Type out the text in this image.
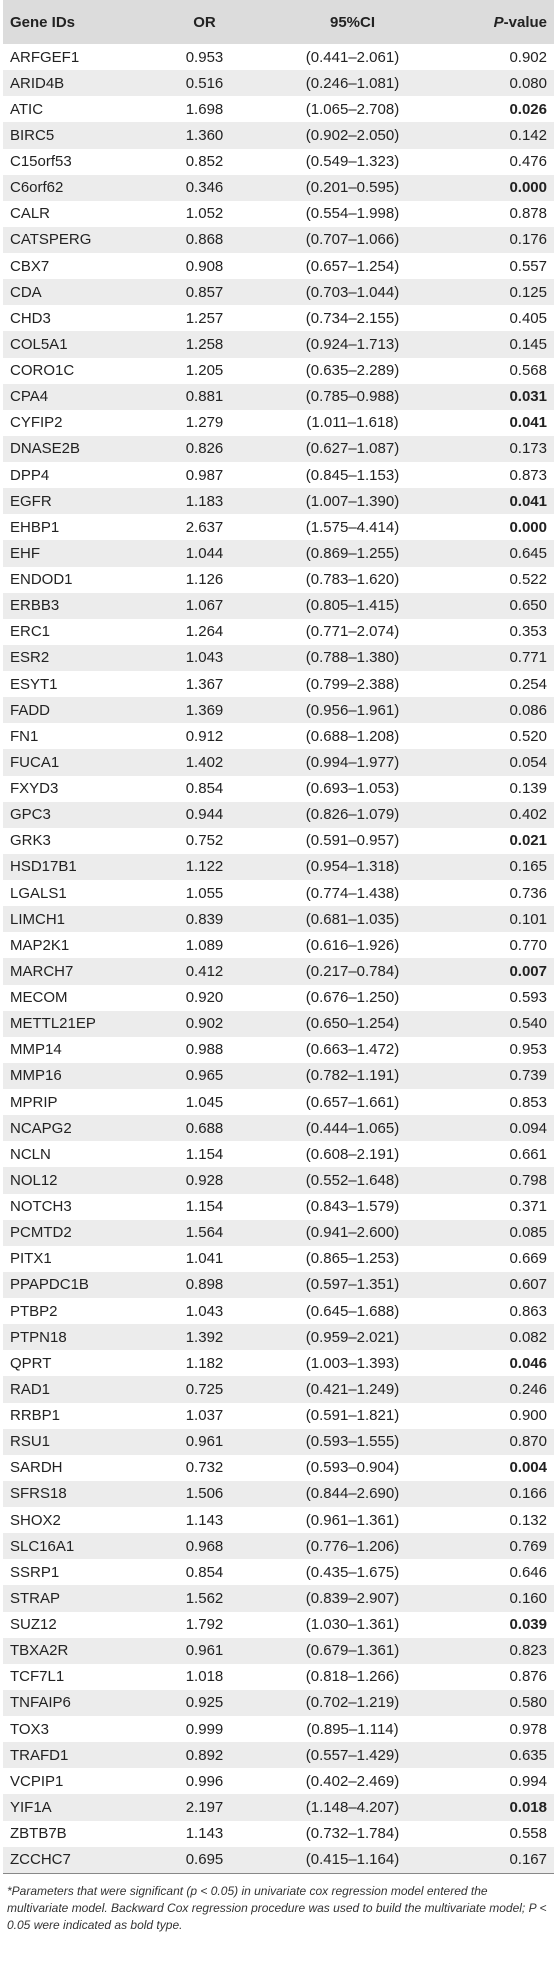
Gene IDs	OR	95%CI	P-value
ARFGEF1	0.953	(0.441–2.061)	0.902
ARID4B	0.516	(0.246–1.081)	0.080
ATIC	1.698	(1.065–2.708)	0.026
BIRC5	1.360	(0.902–2.050)	0.142
C15orf53	0.852	(0.549–1.323)	0.476
C6orf62	0.346	(0.201–0.595)	0.000
CALR	1.052	(0.554–1.998)	0.878
CATSPERG	0.868	(0.707–1.066)	0.176
CBX7	0.908	(0.657–1.254)	0.557
CDA	0.857	(0.703–1.044)	0.125
CHD3	1.257	(0.734–2.155)	0.405
COL5A1	1.258	(0.924–1.713)	0.145
CORO1C	1.205	(0.635–2.289)	0.568
CPA4	0.881	(0.785–0.988)	0.031
CYFIP2	1.279	(1.011–1.618)	0.041
DNASE2B	0.826	(0.627–1.087)	0.173
DPP4	0.987	(0.845–1.153)	0.873
EGFR	1.183	(1.007–1.390)	0.041
EHBP1	2.637	(1.575–4.414)	0.000
EHF	1.044	(0.869–1.255)	0.645
ENDOD1	1.126	(0.783–1.620)	0.522
ERBB3	1.067	(0.805–1.415)	0.650
ERC1	1.264	(0.771–2.074)	0.353
ESR2	1.043	(0.788–1.380)	0.771
ESYT1	1.367	(0.799–2.388)	0.254
FADD	1.369	(0.956–1.961)	0.086
FN1	0.912	(0.688–1.208)	0.520
FUCA1	1.402	(0.994–1.977)	0.054
FXYD3	0.854	(0.693–1.053)	0.139
GPC3	0.944	(0.826–1.079)	0.402
GRK3	0.752	(0.591–0.957)	0.021
HSD17B1	1.122	(0.954–1.318)	0.165
LGALS1	1.055	(0.774–1.438)	0.736
LIMCH1	0.839	(0.681–1.035)	0.101
MAP2K1	1.089	(0.616–1.926)	0.770
MARCH7	0.412	(0.217–0.784)	0.007
MECOM	0.920	(0.676–1.250)	0.593
METTL21EP	0.902	(0.650–1.254)	0.540
MMP14	0.988	(0.663–1.472)	0.953
MMP16	0.965	(0.782–1.191)	0.739
MPRIP	1.045	(0.657–1.661)	0.853
NCAPG2	0.688	(0.444–1.065)	0.094
NCLN	1.154	(0.608–2.191)	0.661
NOL12	0.928	(0.552–1.648)	0.798
NOTCH3	1.154	(0.843–1.579)	0.371
PCMTD2	1.564	(0.941–2.600)	0.085
PITX1	1.041	(0.865–1.253)	0.669
PPAPDC1B	0.898	(0.597–1.351)	0.607
PTBP2	1.043	(0.645–1.688)	0.863
PTPN18	1.392	(0.959–2.021)	0.082
QPRT	1.182	(1.003–1.393)	0.046
RAD1	0.725	(0.421–1.249)	0.246
RRBP1	1.037	(0.591–1.821)	0.900
RSU1	0.961	(0.593–1.555)	0.870
SARDH	0.732	(0.593–0.904)	0.004
SFRS18	1.506	(0.844–2.690)	0.166
SHOX2	1.143	(0.961–1.361)	0.132
SLC16A1	0.968	(0.776–1.206)	0.769
SSRP1	0.854	(0.435–1.675)	0.646
STRAP	1.562	(0.839–2.907)	0.160
SUZ12	1.792	(1.030–1.361)	0.039
TBXA2R	0.961	(0.679–1.361)	0.823
TCF7L1	1.018	(0.818–1.266)	0.876
TNFAIP6	0.925	(0.702–1.219)	0.580
TOX3	0.999	(0.895–1.114)	0.978
TRAFD1	0.892	(0.557–1.429)	0.635
VCPIP1	0.996	(0.402–2.469)	0.994
YIF1A	2.197	(1.148–4.207)	0.018
ZBTB7B	1.143	(0.732–1.784)	0.558
ZCCHC7	0.695	(0.415–1.164)	0.167
*Parameters that were significant (p < 0.05) in univariate cox regression model entered the multivariate model. Backward Cox regression procedure was used to build the multivariate model; P < 0.05 were indicated as bold type.
